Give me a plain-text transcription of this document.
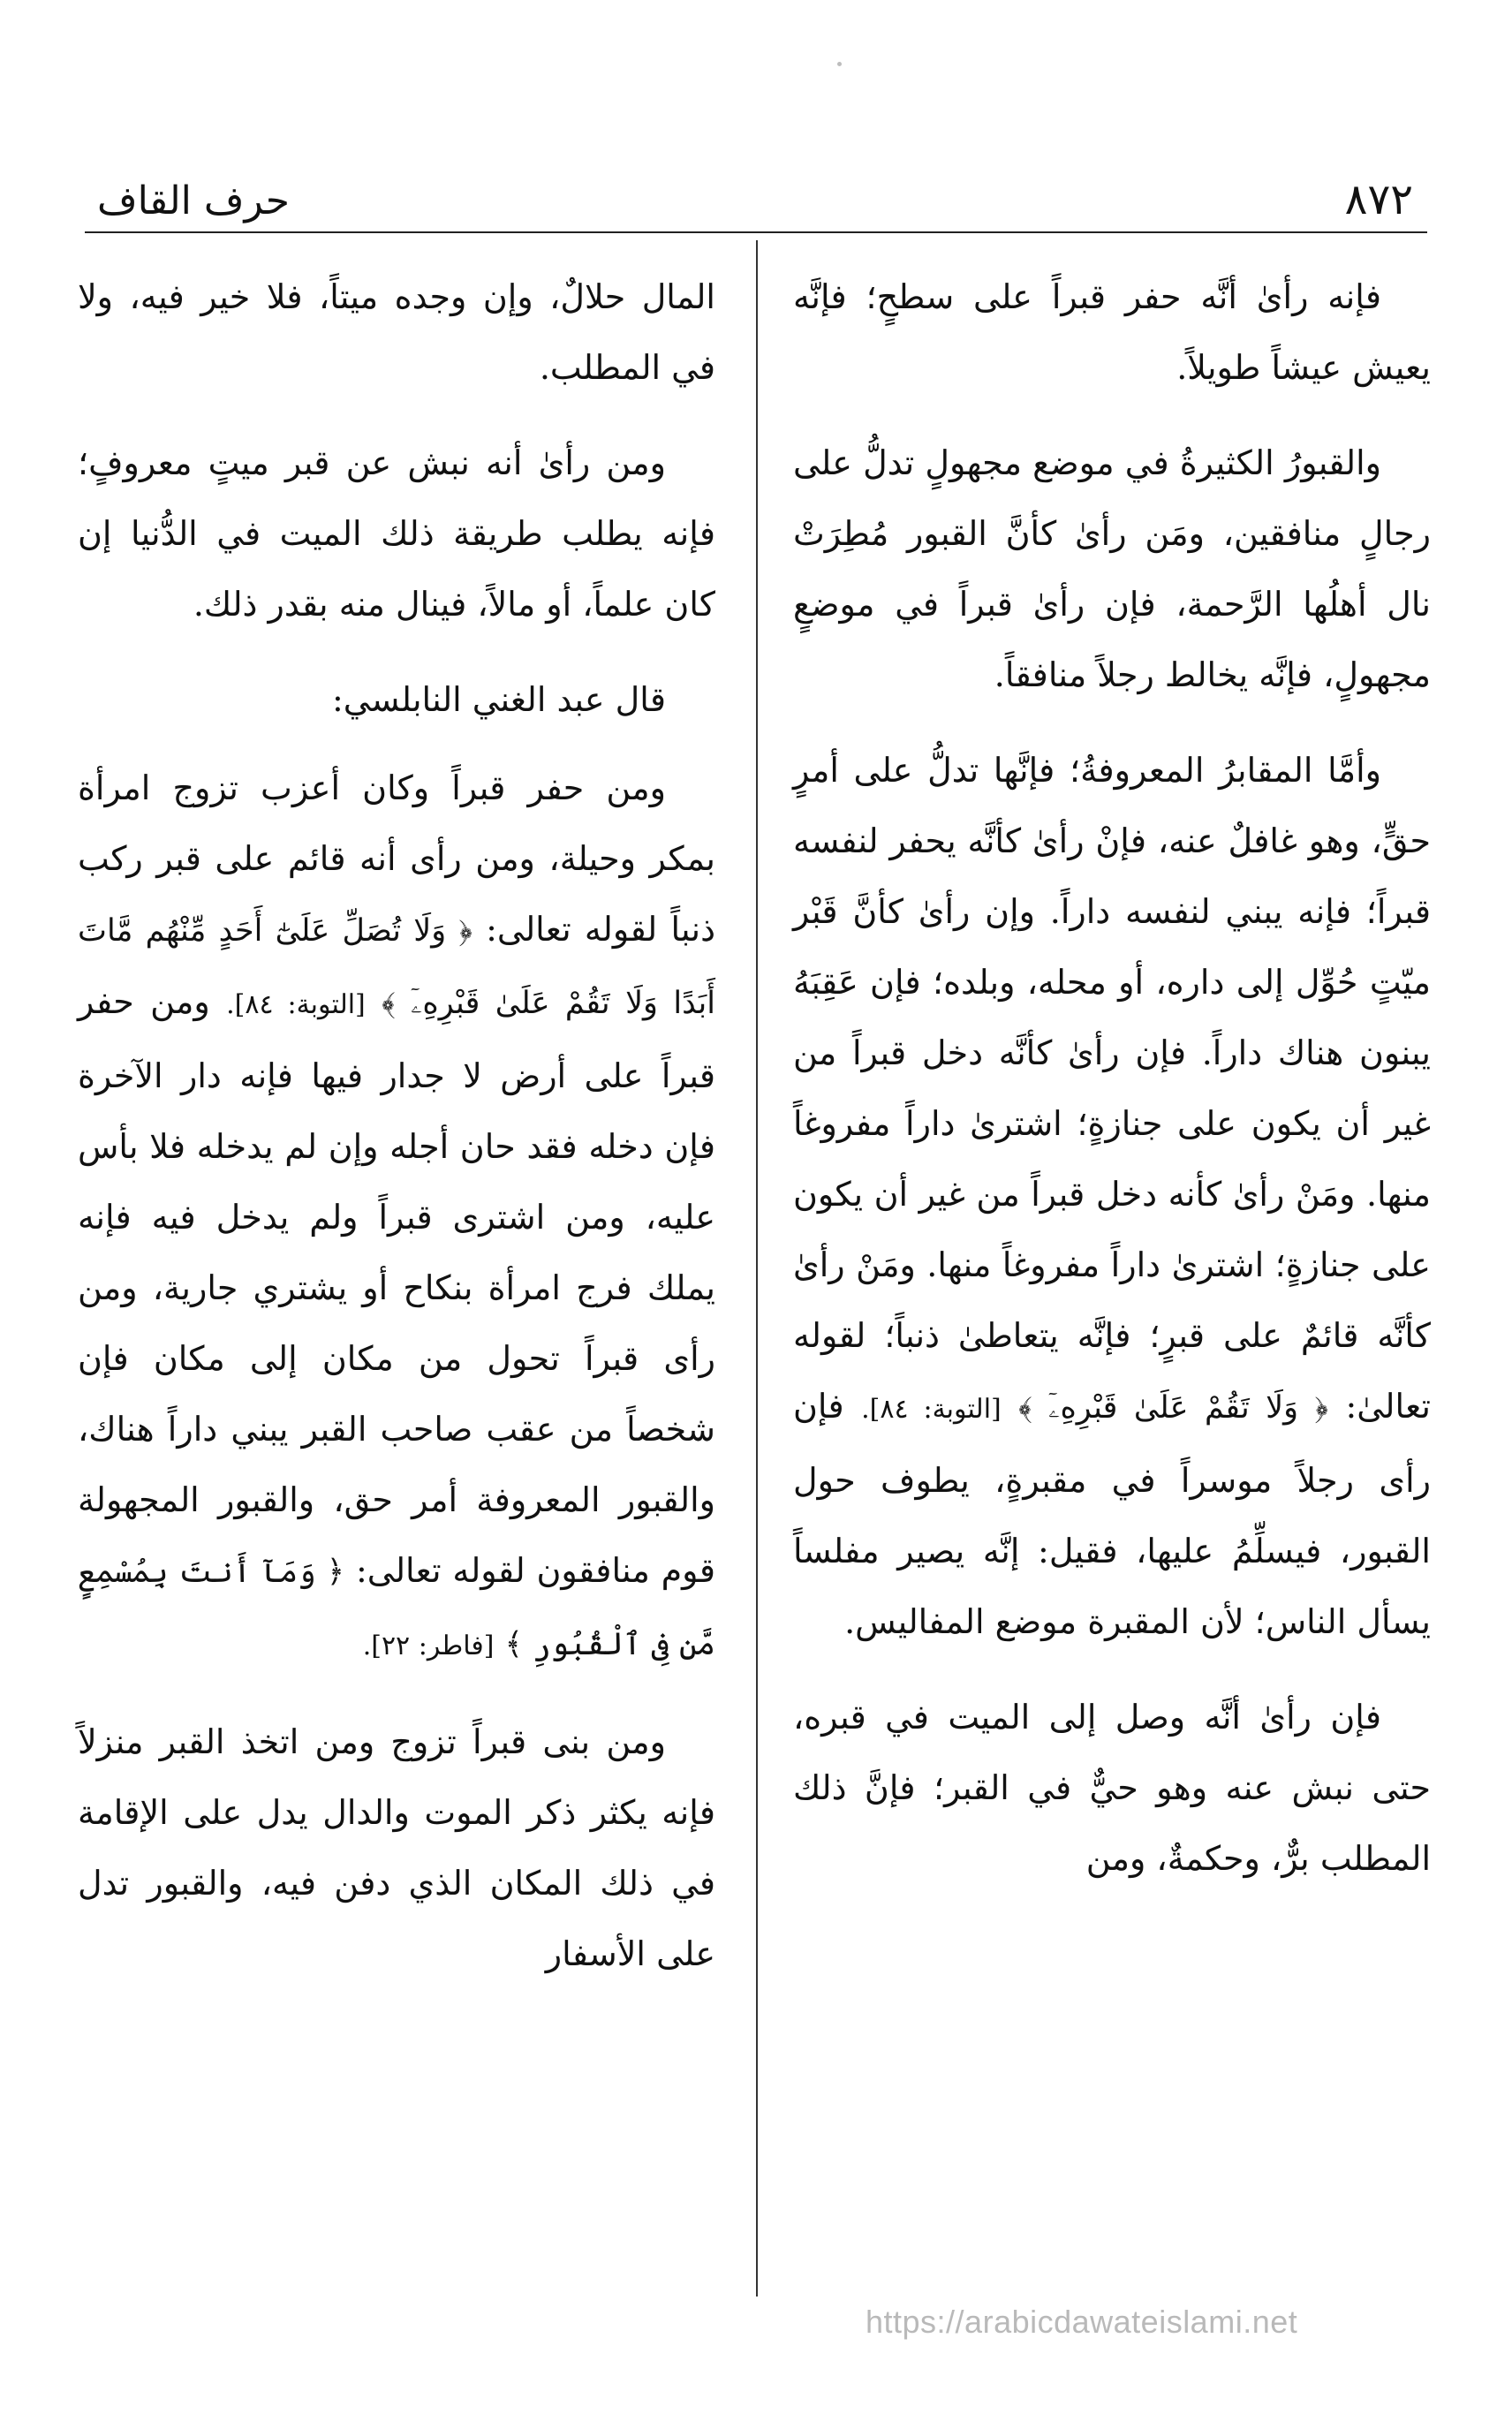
حرف القاف	٨٧٢

فإنه رأىٰ أنَّه حفر قبراً على سطحٍ؛ فإنَّه يعيش عيشاً طويلاً.

والقبورُ الكثيرةُ في موضع مجهولٍ تدلُّ على رجالٍ منافقين، ومَن رأىٰ كأنَّ القبور مُطِرَتْ نال أهلُها الرَّحمة، فإن رأىٰ قبراً في موضعٍ مجهولٍ، فإنَّه يخالط رجلاً منافقاً.

وأمَّا المقابرُ المعروفةُ؛ فإنَّها تدلُّ على أمرٍ حقٍّ، وهو غافلٌ عنه، فإنْ رأىٰ كأنَّه يحفر لنفسه قبراً؛ فإنه يبني لنفسه داراً. وإن رأىٰ كأنَّ قَبْر ميّتٍ حُوِّل إلى داره، أو محله، وبلده؛ فإن عَقِبَهُ يبنون هناك داراً. فإن رأىٰ كأنَّه دخل قبراً من غير أن يكون على جنازةٍ؛ اشترىٰ داراً مفروغاً منها. ومَنْ رأىٰ كأنه دخل قبراً من غير أن يكون على جنازةٍ؛ اشترىٰ داراً مفروغاً منها. ومَنْ رأىٰ كأنَّه قائمٌ على قبرٍ؛ فإنَّه يتعاطىٰ ذنباً؛ لقوله تعالىٰ: ﴿ وَلَا تَقُمْ عَلَىٰ قَبْرِهِۦٓ ﴾ [التوبة: ٨٤]. فإن رأى رجلاً موسراً في مقبرةٍ، يطوف حول القبور، فيسلِّمُ عليها، فقيل: إنَّه يصير مفلساً يسأل الناس؛ لأن المقبرة موضع المفاليس.

فإن رأىٰ أنَّه وصل إلى الميت في قبره، حتى نبش عنه وهو حيٌّ في القبر؛ فإنَّ ذلك المطلب برٌّ، وحكمةٌ، ومن

المال حلالٌ، وإن وجده ميتاً، فلا خير فيه، ولا في المطلب.

ومن رأىٰ أنه نبش عن قبر ميتٍ معروفٍ؛ فإنه يطلب طريقة ذلك الميت في الدُّنيا إن كان علماً، أو مالاً، فينال منه بقدر ذلك.

قال عبد الغني النابلسي:

ومن حفر قبراً وكان أعزب تزوج امرأة بمكر وحيلة، ومن رأى أنه قائم على قبر ركب ذنباً لقوله تعالى: ﴿ وَلَا تُصَلِّ عَلَىٰٓ أَحَدٍ مِّنْهُم مَّاتَ أَبَدًا وَلَا تَقُمْ عَلَىٰ قَبْرِهِۦٓ ﴾ [التوبة: ٨٤]. ومن حفر قبراً على أرض لا جدار فيها فإنه دار الآخرة فإن دخله فقد حان أجله وإن لم يدخله فلا بأس عليه، ومن اشترى قبراً ولم يدخل فيه فإنه يملك فرج امرأة بنكاح أو يشتري جارية، ومن رأى قبراً تحول من مكان إلى مكان فإن شخصاً من عقب صاحب القبر يبني داراً هناك، والقبور المعروفة أمر حق، والقبور المجهولة قوم منافقون لقوله تعالى: ﴿ وَمَآ أَنتَ بِمُسْمِعٍ مَّن فِى ٱلْقُبُورِ ﴾ [فاطر: ٢٢].

ومن بنى قبراً تزوج ومن اتخذ القبر منزلاً فإنه يكثر ذكر الموت والدال يدل على الإقامة في ذلك المكان الذي دفن فيه، والقبور تدل على الأسفار

https://arabicdawateislami.net
